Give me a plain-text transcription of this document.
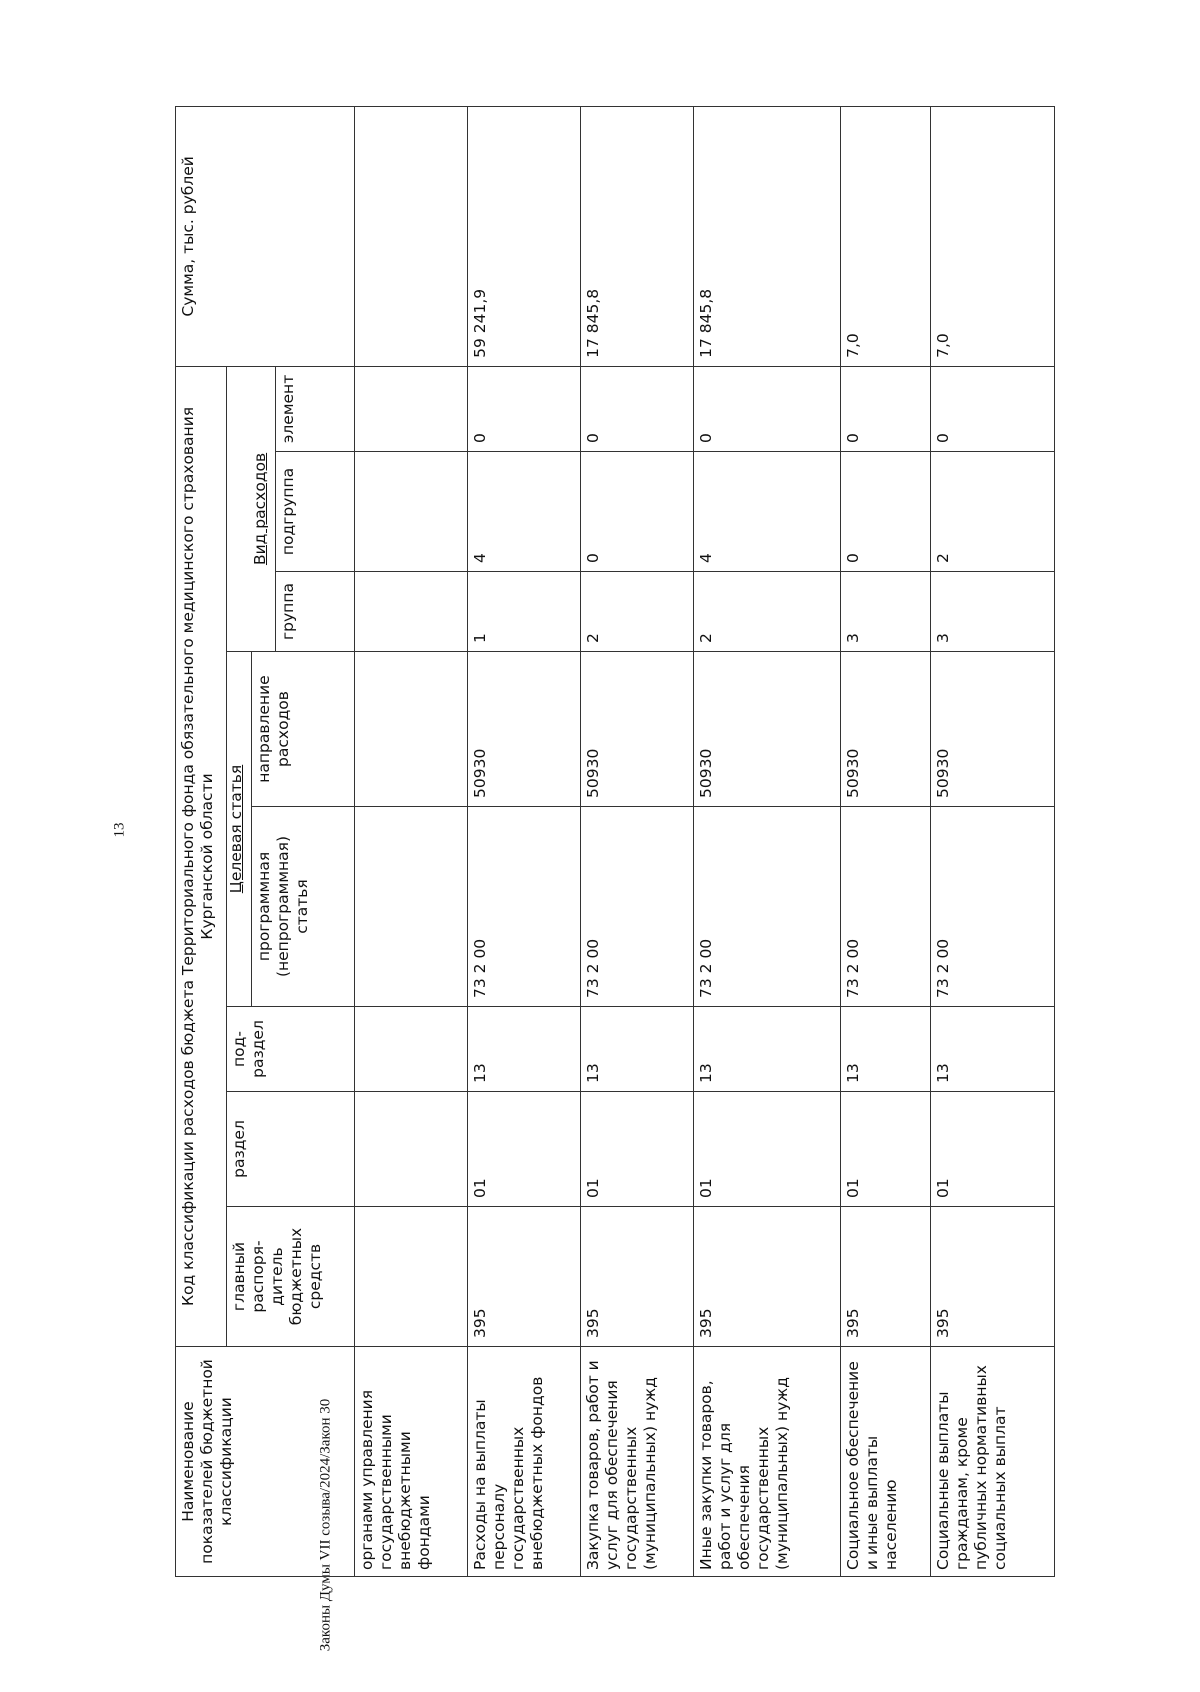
13
Законы Думы VII созыва/2024/Закон 30
Наименование показателей бюджетной классификации	Код классификации расходов бюджета Территориального фонда обязательного медицинского страхования Курганской области								Сумма, тыс. рублей
	главный распоря-дитель бюджетных средств	раздел	под-раздел	Целевая статья					
				программная (непрограммная) статья	направление расходов	Вид расходов			
						группа	подгруппа	элемент	
органами управления государственными внебюджетными фондами									
Расходы на выплаты персоналу государственных внебюджетных фондов	395	01	13	73 2 00	50930	1	4	0	59 241,9
Закупка товаров, работ и услуг для обеспечения государственных (муниципальных) нужд	395	01	13	73 2 00	50930	2	0	0	17 845,8
Иные закупки товаров, работ и услуг для обеспечения государственных (муниципальных) нужд	395	01	13	73 2 00	50930	2	4	0	17 845,8
Социальное обеспечение и иные выплаты населению	395	01	13	73 2 00	50930	3	0	0	7,0
Социальные выплаты гражданам, кроме публичных нормативных социальных выплат	395	01	13	73 2 00	50930	3	2	0	7,0
